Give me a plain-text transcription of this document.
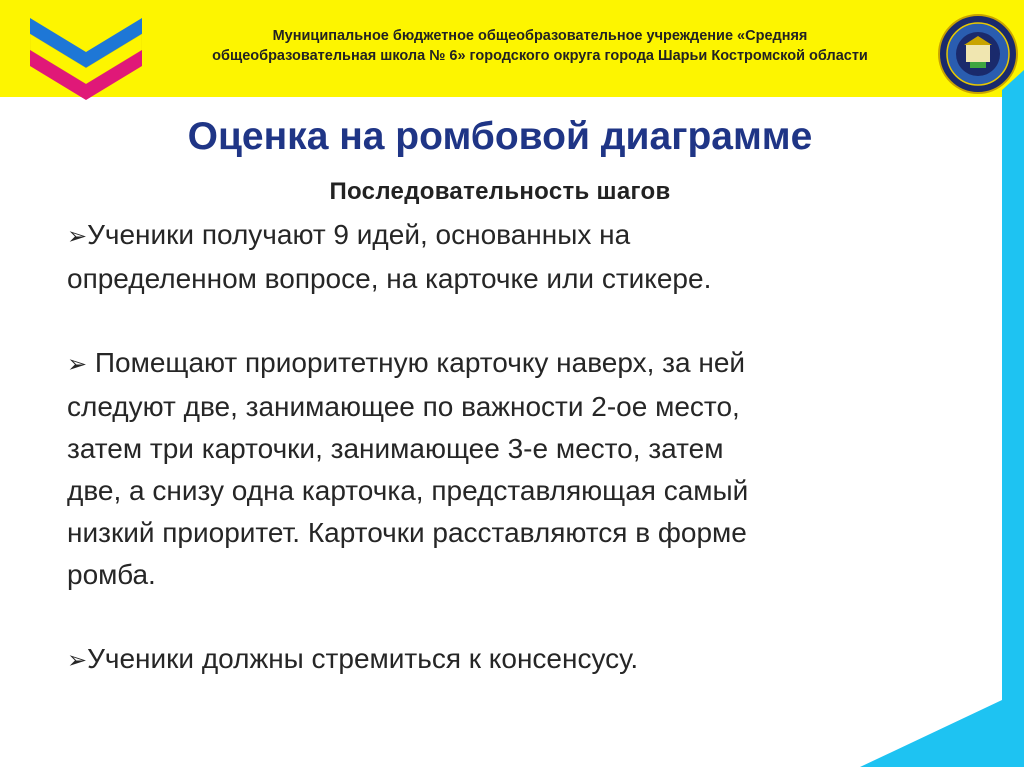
Муниципальное бюджетное общеобразовательное учреждение «Средняя
общеобразовательная школа № 6» городского округа города Шарьи Костромской области
Оценка на ромбовой диаграмме
Последовательность шагов

➢Ученики получают 9 идей, основанных на

определенном вопросе, на карточке или стикере.

➢ Помещают приоритетную карточку наверх, за ней

следуют две, занимающее по важности 2-ое место,

затем три карточки, занимающее 3-е место, затем

две, а снизу одна карточка, представляющая самый

низкий приоритет. Карточки расставляются в форме

ромба.

➢Ученики должны стремиться к консенсусу.
